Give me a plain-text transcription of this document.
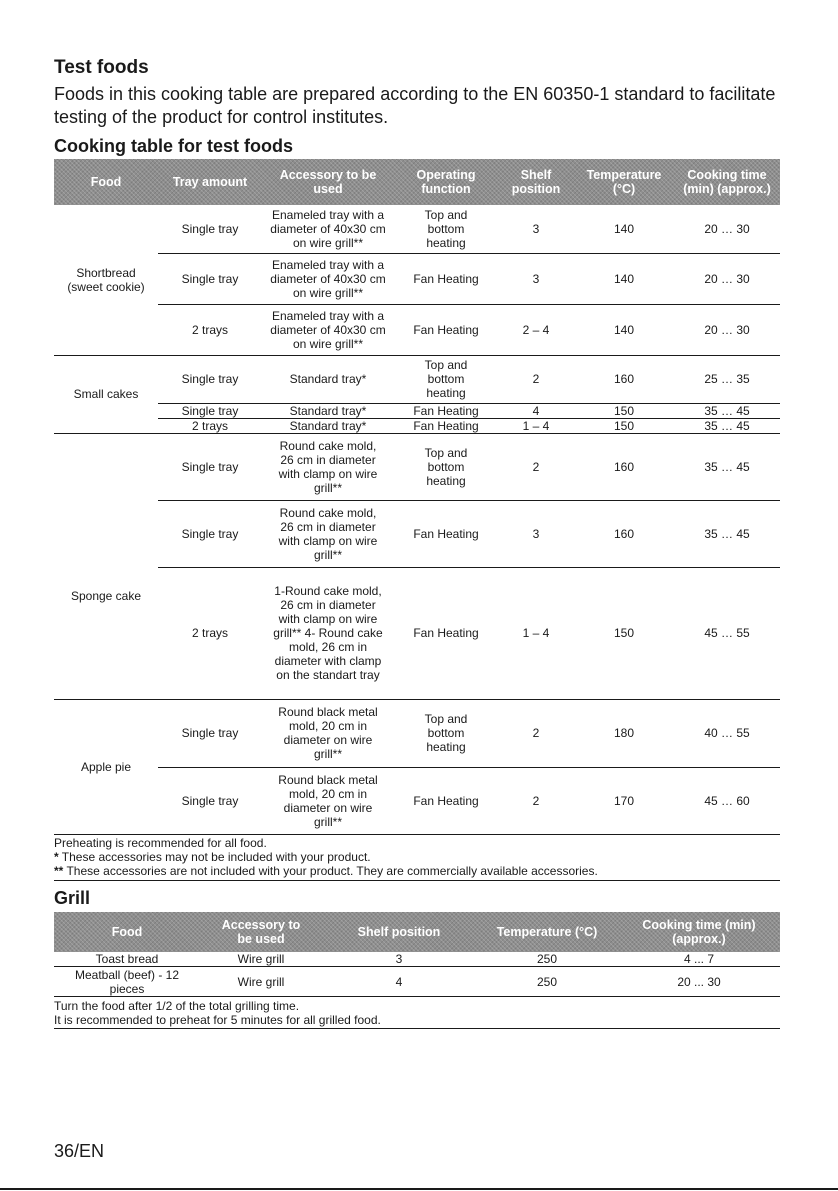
Test foods

Foods in this cooking table are prepared according to the EN 60350-1 standard to facilitate testing of the product for control institutes.

Cooking table for test foods
Food	Tray amount	Accessory to be used	Operating function	Shelf position	Temperature (°C)	Cooking time (min) (approx.)
Shortbread (sweet cookie)	Single tray	Enameled tray with a diameter of 40x30 cm on wire grill**	Top and bottom heating	3	140	20 … 30
	Single tray	Enameled tray with a diameter of 40x30 cm on wire grill**	Fan Heating	3	140	20 … 30
	2 trays	Enameled tray with a diameter of 40x30 cm on wire grill**	Fan Heating	2 – 4	140	20 … 30
Small cakes	Single tray	Standard tray*	Top and bottom heating	2	160	25 … 35
	Single tray	Standard tray*	Fan Heating	4	150	35 … 45
	2 trays	Standard tray*	Fan Heating	1 – 4	150	35 … 45
Sponge cake	Single tray	Round cake mold, 26 cm in diameter with clamp on wire grill**	Top and bottom heating	2	160	35 … 45
	Single tray	Round cake mold, 26 cm in diameter with clamp on wire grill**	Fan Heating	3	160	35 … 45
	2 trays	1-Round cake mold, 26 cm in diameter with clamp on wire grill** 4- Round cake mold, 26 cm in diameter with clamp on the standart tray	Fan Heating	1 – 4	150	45 … 55
Apple pie	Single tray	Round black metal mold, 20 cm in diameter on wire grill**	Top and bottom heating	2	180	40 … 55
	Single tray	Round black metal mold, 20 cm in diameter on wire grill**	Fan Heating	2	170	45 … 60
Preheating is recommended for all food.
* These accessories may not be included with your product.
** These accessories are not included with your product. They are commercially available accessories.
Grill
Food	Accessory to be used	Shelf position	Temperature (°C)	Cooking time (min) (approx.)
Toast bread	Wire grill	3	250	4 ... 7
Meatball (beef) - 12 pieces	Wire grill	4	250	20 ... 30
Turn the food after 1/2 of the total grilling time.
It is recommended to preheat for 5 minutes for all grilled food.
36/EN
